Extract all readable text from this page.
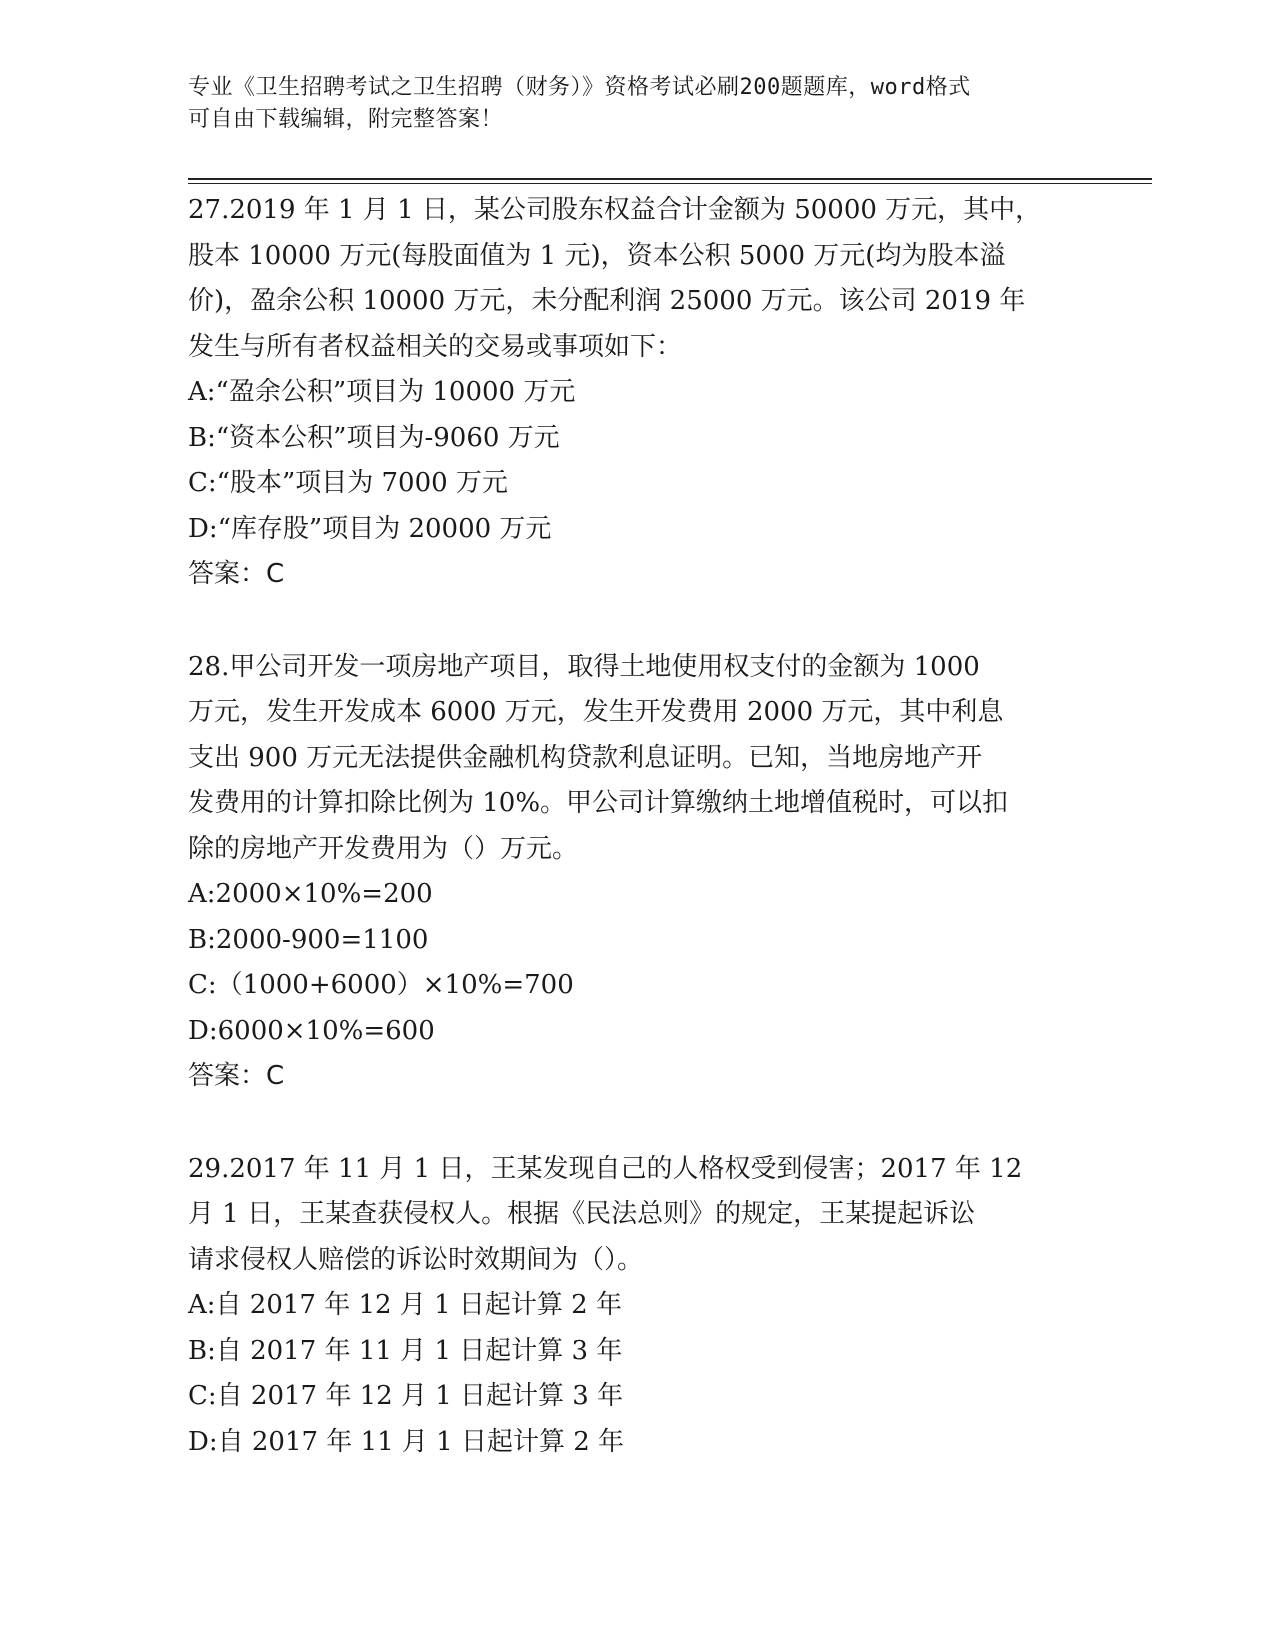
专业《卫生招聘考试之卫生招聘（财务）》资格考试必刷200题题库，word格式
可自由下载编辑，附完整答案！
27.2019 年 1 月 1 日，某公司股东权益合计金额为 50000 万元，其中，
股本 10000 万元(每股面值为 1 元)，资本公积 5000 万元(均为股本溢
价)，盈余公积 10000 万元，未分配利润 25000 万元。该公司 2019 年
发生与所有者权益相关的交易或事项如下：
A:“盈余公积”项目为 10000 万元
B:“资本公积”项目为-9060 万元
C:“股本”项目为 7000 万元
D:“库存股”项目为 20000 万元
答案：C
28.甲公司开发一项房地产项目，取得土地使用权支付的金额为 1000
万元，发生开发成本 6000 万元，发生开发费用 2000 万元，其中利息
支出 900 万元无法提供金融机构贷款利息证明。已知，当地房地产开
发费用的计算扣除比例为 10%。甲公司计算缴纳土地增值税时，可以扣
除的房地产开发费用为（）万元。
A:2000×10%=200
B:2000-900=1100
C:（1000+6000）×10%=700
D:6000×10%=600
答案：C
29.2017 年 11 月 1 日，王某发现自己的人格权受到侵害；2017 年 12
月 1 日，王某查获侵权人。根据《民法总则》的规定，王某提起诉讼
请求侵权人赔偿的诉讼时效期间为（）。
A:自 2017 年 12 月 1 日起计算 2 年
B:自 2017 年 11 月 1 日起计算 3 年
C:自 2017 年 12 月 1 日起计算 3 年
D:自 2017 年 11 月 1 日起计算 2 年
